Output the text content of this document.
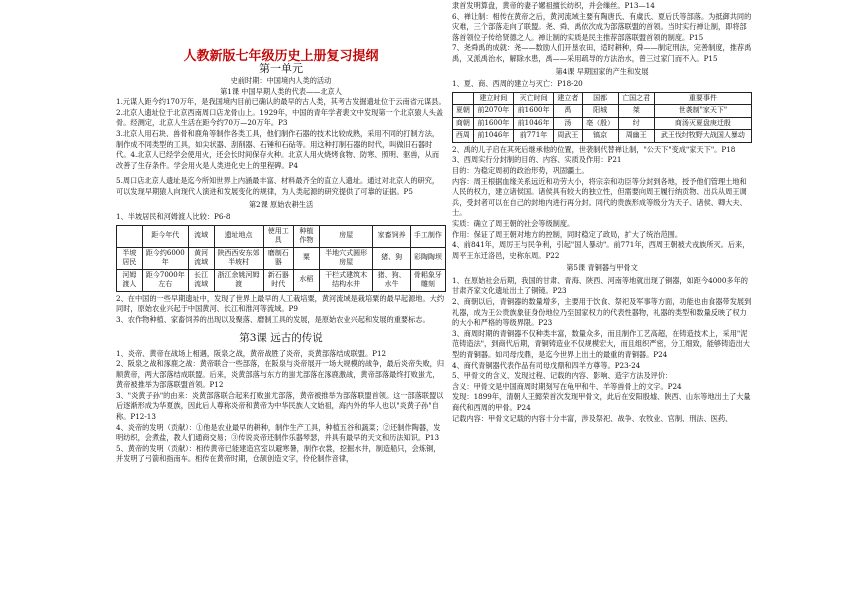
人教新版七年级历史上册复习提纲
第一单元

史前时期：中国境内人类的活动

第1课 中国早期人类的代表——北京人

1.元谋人距今约170万年，是我国境内目前已确认的最早的古人类，其考古发掘遗址位于云南省元谋县。2.北京人遗址位于北京西南周口店龙骨山上。1929年，中国的青年学者裴文中发现第一个北京猿人头盖骨。经测定，北京人生活在距今约70万—20万年。P3

3.北京人用石块、兽骨和鹿角等制作各类工具，他们制作石器的技术比较成熟，采用不同的打制方法，制作成不同类型的工具，如尖状器、刮削器、石锤和石砧等。用这种打制石器的时代，叫做旧石器时代。4.北京人已经学会使用火，还会长时间保存火种。北京人用火烧烤食物、防寒、照明、驱兽，从而改善了生存条件。学会用火是人类进化史上的里程碑。P4

5.周口店北京人遗址是迄今所知世界上内涵最丰富、材料最齐全的直立人遗址。通过对北京人的研究，可以发现早期猿人向现代人演进和发展变化的规律，为人类起源的研究提供了可靠的证据。P5

第2课 原始农耕生活

1、半坡居民和河姆渡人比较：P6-8

	距今年代	流域	遗址地点	使用工具	种植作物	房屋	家畜饲养	手工制作
半坡居民	距今约6000年	黄河流域	陕西西安东郊半坡村	磨制石器	粟	半地穴式圆形房屋	猪、狗	彩陶陶坝
河姆渡人	距今7000年左右	长江流域	浙江余姚河姆渡	新石器时代	水稻	干栏式建筑木结构水井	猪、狗、水牛	骨耜象牙雕刻

2、在中国的一些早期遗址中，发现了世界上最早的人工栽培粟，黄河流域是栽培粟的最早起源地。大约同时，原始农业兴起于中国黄河、长江和淮河等流域。P9

3、农作物种植、家畜饲养的出现以及聚落、磨制工具的发展，是原始农业兴起和发展的重要标志。

第3课 远古的传说

1、炎帝、黄帝在战场上相遇，阪泉之战，黄帝战胜了炎帝，炎黄部落结成联盟。P12

2、阪泉之战和涿鹿之战：黄帝联合一些部落，在阪泉与炎帝展开一场大规模的战争，最后炎帝失败，归顺黄帝，两大部落结成联盟。后来，炎黄部落与东方的蚩尤部落在涿鹿激战，黄帝部落最终打败蚩尤，黄帝被推举为部落联盟首领。P12

3、"炎黄子孙"的由来：炎黄部落联合起来打败蚩尤部落，黄帝被推举为部落联盟首领。这一部落联盟以后逐渐形成为华夏族，因此后人尊称炎帝和黄帝为中华民族人文始祖，海内外的华人也以"炎黄子孙"自称。P12-13

4、炎帝的发明（贡献）：①他是农业最早的耕种，制作生产工具，种植五谷和蔬菜；②还制作陶器，发明纺织，会煮盐，教人们通商交易；③传说炎帝还制作乐器琴瑟，并具有最早的天文和历法知识。P13

5、黄帝的发明（贡献）：相传黄帝已能建造宫室以避寒暑，制作衣裳，挖掘水井，制造船只，会炼铜，并发明了弓箭和指南车。相传在黄帝时期，仓颉创造文字，伶伦制作音律，

隶首发明算盘，黄帝的妻子嫘祖擅长纺织，并会缫丝。P13—14

6、禅让制：相传在黄帝之后，黄河流域主要有陶唐氏、有虞氏、夏后氏等部落。为抵御共同的灾难，三个部落走向了联盟。尧、舜、禹依次成为部落联盟的首领。当时实行禅让制，即将部落首领位子传给贤德之人。禅让制的实质是民主推荐部落联盟首领的制度。P15

7、尧舜禹的成就：尧——数励人们开垦农田，适时耕种，舜——制定刑法，完善制度，推荐禹禹，又派禹治水，解除水患，禹——采用疏导的方法治水，曾三过家门而不入。P15

第4课 早期国家的产生和发展

1、夏、商、西周的建立与灭亡：P18-20

	建立时间	灭亡时间	建立者	国都	亡国之君	重要事件
夏朝	前2070年	前1600年	禹	阳城	桀	世袭制"家天下"
商朝	前1600年	前1046年	汤	亳（殷）	纣	商汤灭夏盘庚迁殷
西周	前1046年	前771年	周武王	镐京	周幽王	武王伐纣牧野大战国人暴动

2、禹的儿子启在其死后继承他的位置，世袭制代替禅让制，"公天下"变成"家天下"。P18

3、西周实行分封制的目的、内容、实质及作用：P21

目的：为稳定周初的政治形势，巩固疆土。

内容：周王根据血缘关系远近和功劳大小，将宗亲和功臣等分封到各地，授予他们管理土地和人民的权力，建立诸侯国。诸侯具有较大的独立性，但需要向周王履行纳贡物、出兵从周王调兵，受封者可以在自己的封地内进行再分封。同代的贵族形成等级分为天子、诸侯、卿大夫、士。

实质：确立了周王朝的社会等级制度。

作用：保证了周王朝对地方的控制，同时稳定了政局，扩大了统治范围。

4、前841年，周厉王与民争利，引起"国人暴动"。前771年，西周王朝被犬戎族所灭。后来，周平王东迁洛邑，史称东周。P22

第5课 青铜器与甲骨文

1、在原始社会后期，我国的甘肃、青海、陕西、河南等地就出现了铜器，如距今4000多年的甘肃齐家文化遗址出土了铜镜。P23

2、商朝以后，青铜器的数量增多，主要用于饮食、祭祀及军事等方面，功能也由食器带发展到礼器，成为王公贵族象征身份地位乃至国家权力的代表性器物，礼器的类型和数量反映了权力的大小和严格的等级界限。P23

3、商周时期的青铜器不仅种类丰富，数量众多，而且制作工艺高超，在铸造技术上，采用"泥范铸造法"，到商代后期，青铜铸造业不仅规模宏大，而且组织严密，分工细致，能够铸造出大型的青铜器。如司母戊鼎，是迄今世界上出土的最重的青铜器。P24

4、商代青铜器代表作品有司母戊鼎和四羊方尊等。P23-24

5、甲骨文的含义、发现过程、记载的内容、影响、造字方法及评价：

含义：甲骨文是中国商周时期刻写在龟甲和牛、羊等兽骨上的文字。P24

发现：1899年，清朝人王懿荣首次发现甲骨文，此后在安阳殷墟、陕西、山东等地出土了大量商代和西周的甲骨。P24

记载内容：甲骨文记载的内容十分丰富，涉及祭祀、战争、农牧业、官制、刑法、医药、
